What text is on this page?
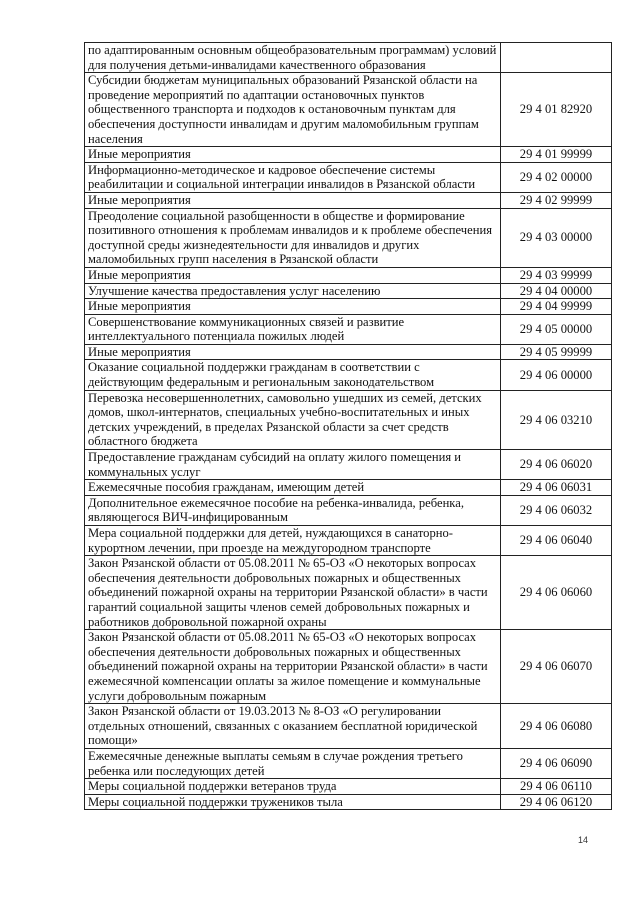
по адаптированным основным общеобразовательным программам) условий для получения детьми-инвалидами качественного образования	
Субсидии бюджетам муниципальных образований Рязанской области на проведение мероприятий по адаптации остановочных пунктов общественного транспорта и подходов к остановочным пунктам для обеспечения доступности инвалидам и другим маломобильным группам населения	29 4 01 82920
Иные мероприятия	29 4 01 99999
Информационно-методическое и кадровое обеспечение системы реабилитации и социальной интеграции инвалидов в Рязанской области	29 4 02 00000
Иные мероприятия	29 4 02 99999
Преодоление социальной разобщенности в обществе и формирование позитивного отношения к проблемам инвалидов и к проблеме обеспечения доступной среды жизнедеятельности для инвалидов и других маломобильных групп населения в Рязанской области	29 4 03 00000
Иные мероприятия	29 4 03 99999
Улучшение качества предоставления услуг населению	29 4 04 00000
Иные мероприятия	29 4 04 99999
Совершенствование коммуникационных связей и развитие интеллектуального потенциала пожилых людей	29 4 05 00000
Иные мероприятия	29 4 05 99999
Оказание социальной поддержки гражданам в соответствии с действующим федеральным и региональным законодательством	29 4 06 00000
Перевозка несовершеннолетних, самовольно ушедших из семей, детских домов, школ-интернатов, специальных учебно-воспитательных и иных детских учреждений, в пределах Рязанской области за счет средств областного бюджета	29 4 06 03210
Предоставление гражданам субсидий на оплату жилого помещения и коммунальных услуг	29 4 06 06020
Ежемесячные пособия гражданам, имеющим детей	29 4 06 06031
Дополнительное ежемесячное пособие на ребенка-инвалида, ребенка, являющегося ВИЧ-инфицированным	29 4 06 06032
Мера социальной поддержки для детей, нуждающихся в санаторно-курортном лечении, при проезде на междугородном транспорте	29 4 06 06040
Закон Рязанской области от 05.08.2011 № 65-ОЗ «О некоторых вопросах обеспечения деятельности добровольных пожарных и общественных объединений пожарной охраны на территории Рязанской области» в части гарантий социальной защиты членов семей добровольных пожарных и работников добровольной пожарной охраны	29 4 06 06060
Закон Рязанской области от 05.08.2011 № 65-ОЗ «О некоторых вопросах обеспечения деятельности добровольных пожарных и общественных объединений пожарной охраны на территории Рязанской области» в части ежемесячной компенсации оплаты за жилое помещение и коммунальные услуги добровольным пожарным	29 4 06 06070
Закон Рязанской области от 19.03.2013 № 8-ОЗ «О регулировании отдельных отношений, связанных с оказанием бесплатной юридической помощи»	29 4 06 06080
Ежемесячные денежные выплаты семьям в случае рождения третьего ребенка или последующих детей	29 4 06 06090
Меры социальной поддержки ветеранов труда	29 4 06 06110
Меры социальной поддержки тружеников тыла	29 4 06 06120
14
